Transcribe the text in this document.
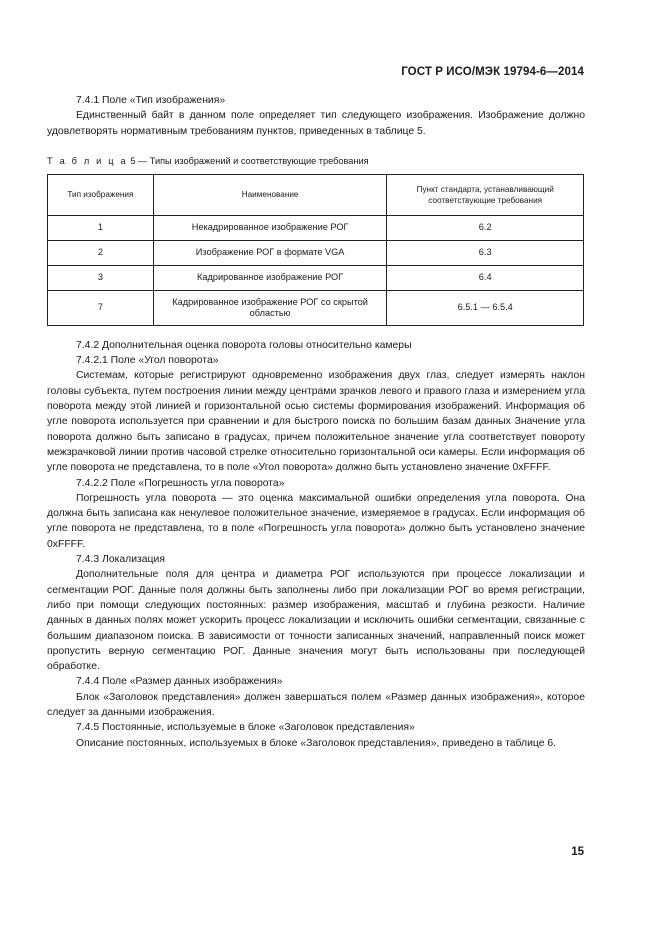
ГОСТ Р ИСО/МЭК 19794-6—2014

7.4.1 Поле «Тип изображения»

Единственный байт в данном поле определяет тип следующего изображения. Изображение должно удовлетворять нормативным требованиям пунктов, приведенных в таблице 5.

Т а б л и ц а 5 — Типы изображений и соответствующие требования
Тип изображения	Наименование	Пункт стандарта, устанавливающий соответствующие требования
1	Некадрированное изображение РОГ	6.2
2	Изображение РОГ в формате VGA	6.3
3	Кадрированное изображение РОГ	6.4
7	Кадрированное изображение РОГ со скрытой областью	6.5.1 — 6.5.4

7.4.2 Дополнительная оценка поворота головы относительно камеры

7.4.2.1 Поле «Угол поворота»

Системам, которые регистрируют одновременно изображения двух глаз, следует измерять наклон головы субъекта, путем построения линии между центрами зрачков левого и правого глаза и измерением угла поворота между этой линией и горизонтальной осью системы формирования изображений. Информация об угле поворота используется при сравнении и для быстрого поиска по большим базам данных Значение угла поворота должно быть записано в градусах, причем положительное значение угла соответствует повороту межзрачковой линии против часовой стрелке относительно горизонтальной оси камеры. Если информация об угле поворота не представлена, то в поле «Угол поворота» должно быть установлено значение 0xFFFF.

7.4.2.2 Поле «Погрешность угла поворота»

Погрешность угла поворота — это оценка максимальной ошибки определения угла поворота. Она должна быть записана как ненулевое положительное значение, измеряемое в градусах. Если информация об угле поворота не представлена, то в поле «Погрешность угла поворота» должно быть установлено значение 0xFFFF.

7.4.3 Локализация

Дополнительные поля для центра и диаметра РОГ используются при процессе локализации и сегментации РОГ. Данные поля должны быть заполнены либо при локализации РОГ во время регистрации, либо при помощи следующих постоянных: размер изображения, масштаб и глубина резкости. Наличие данных в данных полях может ускорить процесс локализации и исключить ошибки сегментации, связанные с большим диапазоном поиска. В зависимости от точности записанных значений, направленный поиск может пропустить верную сегментацию РОГ. Данные значения могут быть использованы при последующей обработке.

7.4.4 Поле «Размер данных изображения»

Блок «Заголовок представления» должен завершаться полем «Размер данных изображения», которое следует за данными изображения.

7.4.5 Постоянные, используемые в блоке «Заголовок представления»

Описание постоянных, используемых в блоке «Заголовок представления», приведено в таблице 6.

15
